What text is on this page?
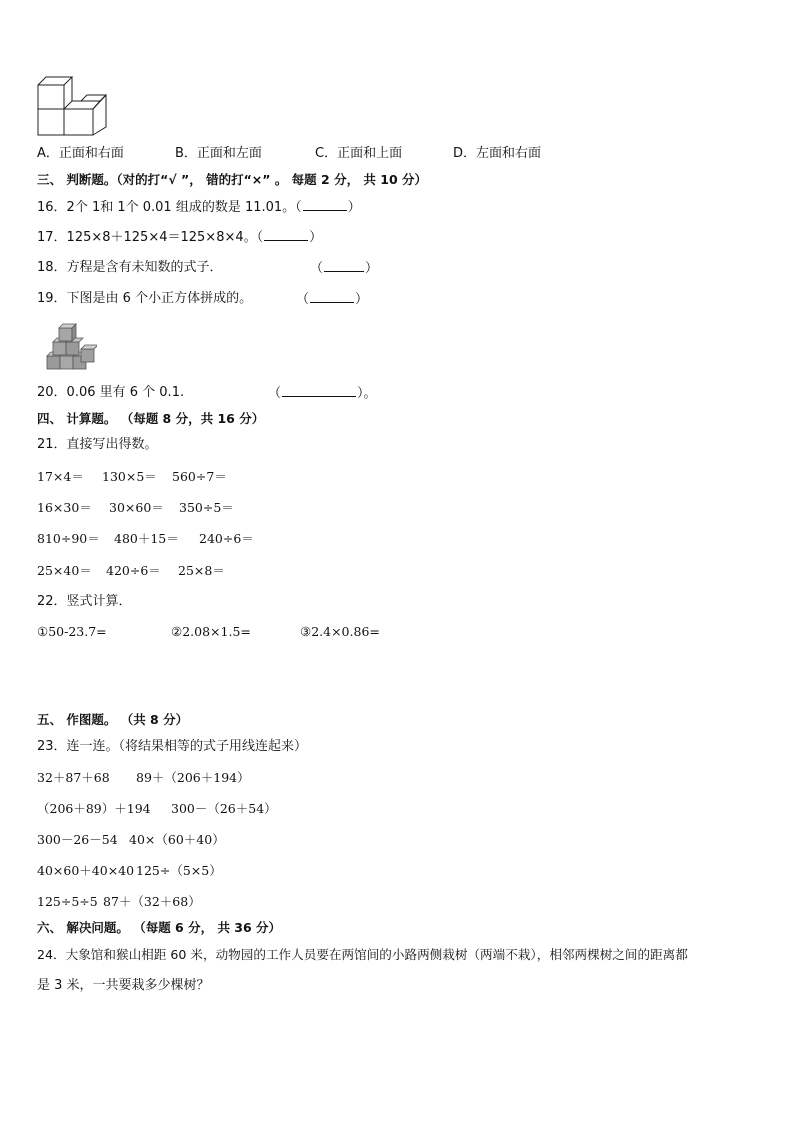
A．正面和右面	B．正面和左面	C．正面和上面	D．左面和右面
三、 判断题。（对的打“√ ”， 错的打“×” 。 每题 2 分， 共 10 分）
16．2个 1和 1个 0.01 组成的数是 11.01。（	）
17．125×8＋125×4＝125×8×4。（	）
18．方程是含有未知数的式子．	（	）
19．下图是由 6 个小正方体拼成的。	（	）
20．0.06 里有 6 个 0.1.	（	）。
四、 计算题。 （每题 8 分，共 16 分）
21．直接写出得数。
17×4＝ 130×5＝ 560÷7＝
16×30＝ 30×60＝ 350÷5＝
810÷90＝ 480＋15＝ 240÷6＝
25×40＝ 420÷6＝ 25×8＝
22．竖式计算．
①50-23.7=	②2.08×1.5=	③2.4×0.86=
五、 作图题。 （共 8 分）
23．连一连。（将结果相等的式子用线连起来）
32＋87＋68 89＋（206＋194）
（206＋89）＋194 300－（26＋54）
300－26－54 40×（60＋40）
40×60＋40×40 125÷（5×5）
125÷5÷5 87＋（32＋68）
六、 解决问题。 （每题 6 分， 共 36 分）
24．大象馆和猴山相距 60 米，动物园的工作人员要在两馆间的小路两侧栽树（两端不栽），相邻两棵树之间的距离都
是 3 米，一共要栽多少棵树？
